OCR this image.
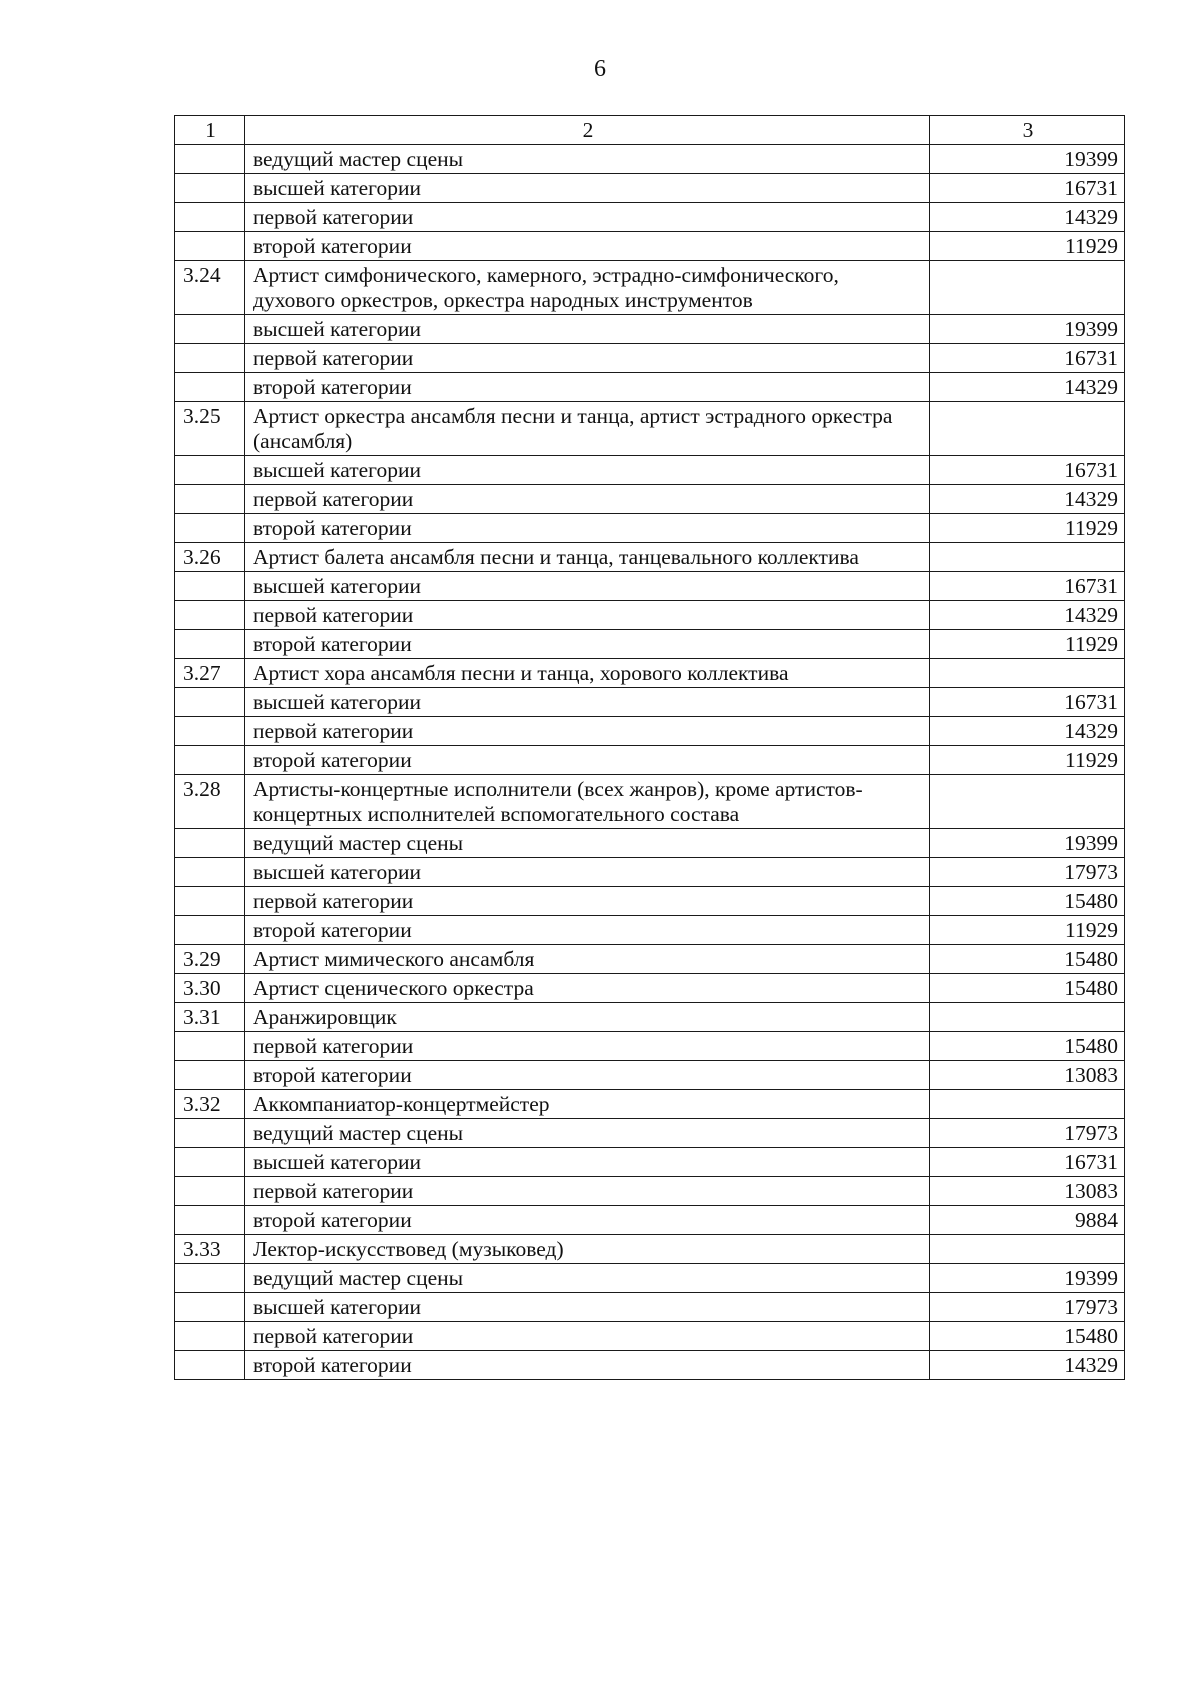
6
1	2	3
	ведущий мастер сцены	19399
	высшей категории	16731
	первой категории	14329
	второй категории	11929
3.24	Артист симфонического, камерного, эстрадно-симфонического, духового оркестров, оркестра народных инструментов	
	высшей категории	19399
	первой категории	16731
	второй категории	14329
3.25	Артист оркестра ансамбля песни и танца, артист эстрадного оркестра (ансамбля)	
	высшей категории	16731
	первой категории	14329
	второй категории	11929
3.26	Артист балета ансамбля песни и танца, танцевального коллектива	
	высшей категории	16731
	первой категории	14329
	второй категории	11929
3.27	Артист хора ансамбля песни и танца, хорового коллектива	
	высшей категории	16731
	первой категории	14329
	второй категории	11929
3.28	Артисты-концертные исполнители (всех жанров), кроме артистов-концертных исполнителей вспомогательного состава	
	ведущий мастер сцены	19399
	высшей категории	17973
	первой категории	15480
	второй категории	11929
3.29	Артист мимического ансамбля	15480
3.30	Артист сценического оркестра	15480
3.31	Аранжировщик	
	первой категории	15480
	второй категории	13083
3.32	Аккомпаниатор-концертмейстер	
	ведущий мастер сцены	17973
	высшей категории	16731
	первой категории	13083
	второй категории	9884
3.33	Лектор-искусствовед (музыковед)	
	ведущий мастер сцены	19399
	высшей категории	17973
	первой категории	15480
	второй категории	14329
